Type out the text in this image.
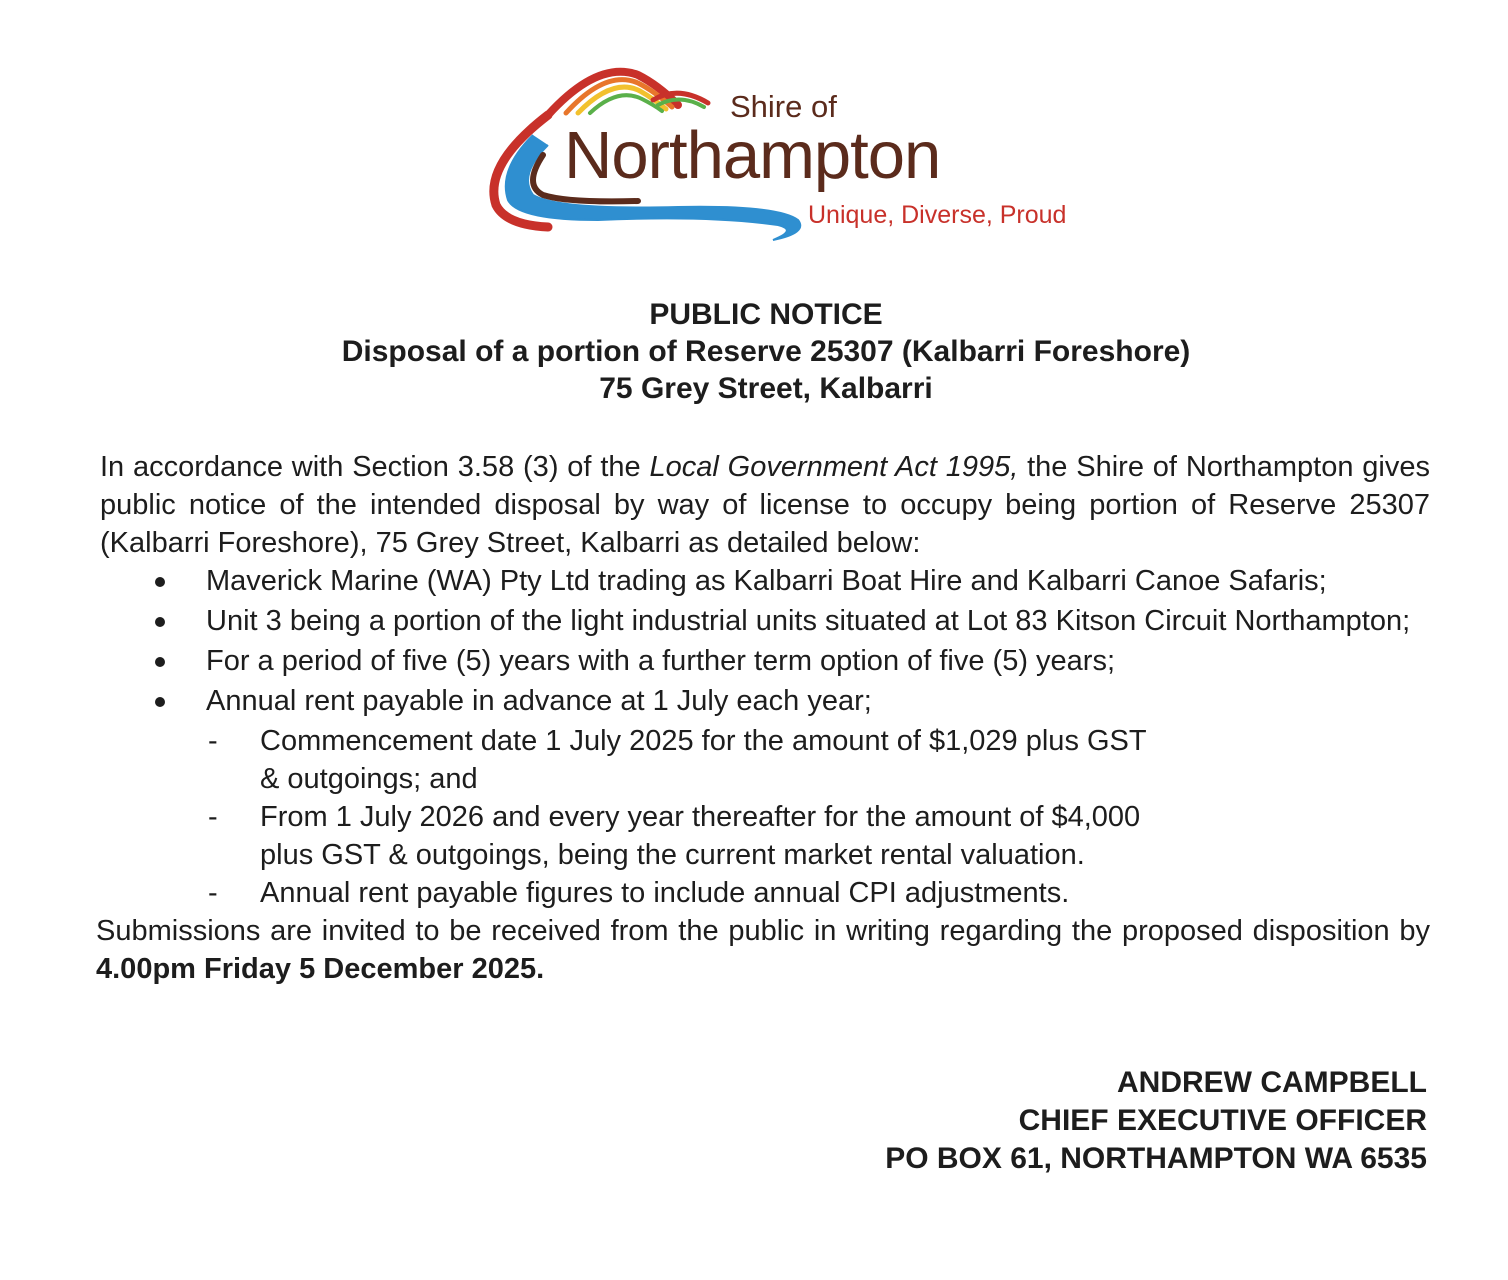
Shire of
Northampton
Unique, Diverse, Proud
PUBLIC NOTICE
Disposal of a portion of Reserve 25307 (Kalbarri Foreshore)
75 Grey Street, Kalbarri
In accordance with Section 3.58 (3) of the Local Government Act 1995, the Shire of Northampton gives public notice of the intended disposal by way of license to occupy being portion of Reserve 25307 (Kalbarri Foreshore), 75 Grey Street, Kalbarri as detailed below:
Maverick Marine (WA) Pty Ltd trading as Kalbarri Boat Hire and Kalbarri Canoe Safaris;
Unit 3 being a portion of the light industrial units situated at Lot 83 Kitson Circuit Northampton;
For a period of five (5) years with a further term option of five (5) years;
Annual rent payable in advance at 1 July each year;
- Commencement date 1 July 2025 for the amount of $1,029 plus GST & outgoings; and
- From 1 July 2026 and every year thereafter for the amount of $4,000 plus GST & outgoings, being the current market rental valuation.
- Annual rent payable figures to include annual CPI adjustments.
Submissions are invited to be received from the public in writing regarding the proposed disposition by 4.00pm Friday 5 December 2025.
ANDREW CAMPBELL
CHIEF EXECUTIVE OFFICER
PO BOX 61, NORTHAMPTON WA 6535
